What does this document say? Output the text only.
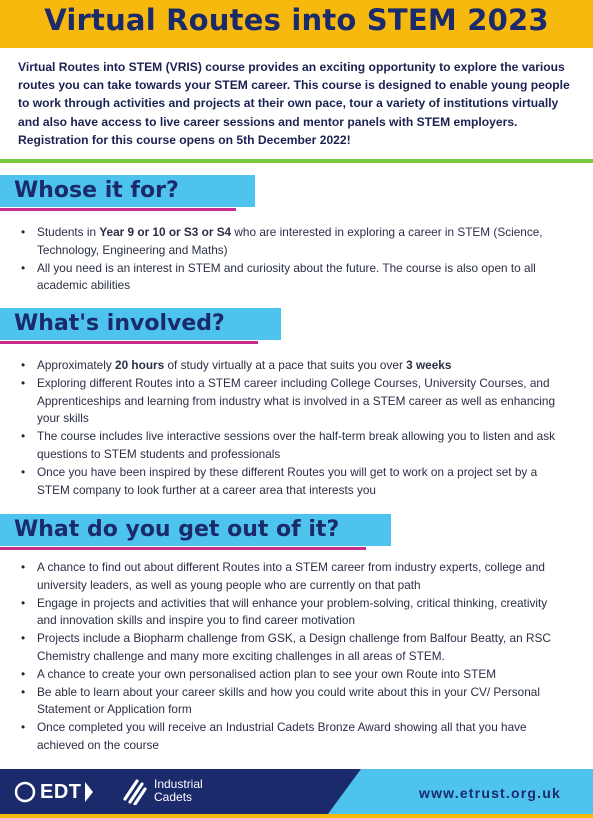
Virtual Routes into STEM 2023

Virtual Routes into STEM (VRIS) course provides an exciting opportunity to explore the various routes you can take towards your STEM career. This course is designed to enable young people to work through activities and projects at their own pace, tour a variety of institutions virtually and also have access to live career sessions and mentor panels with STEM employers. Registration for this course opens on 5th December 2022!

Whose it for?
• Students in Year 9 or 10 or S3 or S4 who are interested in exploring a career in STEM (Science, Technology, Engineering and Maths)
• All you need is an interest in STEM and curiosity about the future. The course is also open to all academic abilities
What's involved?
• Approximately 20 hours of study virtually at a pace that suits you over 3 weeks
• Exploring different Routes into a STEM career including College Courses, University Courses, and Apprenticeships and learning from industry what is involved in a STEM career as well as enhancing your skills
• The course includes live interactive sessions over the half-term break allowing you to listen and ask questions to STEM students and professionals
• Once you have been inspired by these different Routes you will get to work on a project set by a STEM company to look further at a career area that interests you
What do you get out of it?
• A chance to find out about different Routes into a STEM career from industry experts, college and university leaders, as well as young people who are currently on that path
• Engage in projects and activities that will enhance your problem-solving, critical thinking, creativity and innovation skills and inspire you to find career motivation
• Projects include a Biopharm challenge from GSK, a Design challenge from Balfour Beatty, an RSC Chemistry challenge and many more exciting challenges in all areas of STEM.
• A chance to create your own personalised action plan to see your own Route into STEM
• Be able to learn about your career skills and how you could write about this in your CV/ Personal Statement or Application form
• Once completed you will receive an Industrial Cadets Bronze Award showing all that you have achieved on the course
EDT	Industrial
Cadets	www.etrust.org.uk
